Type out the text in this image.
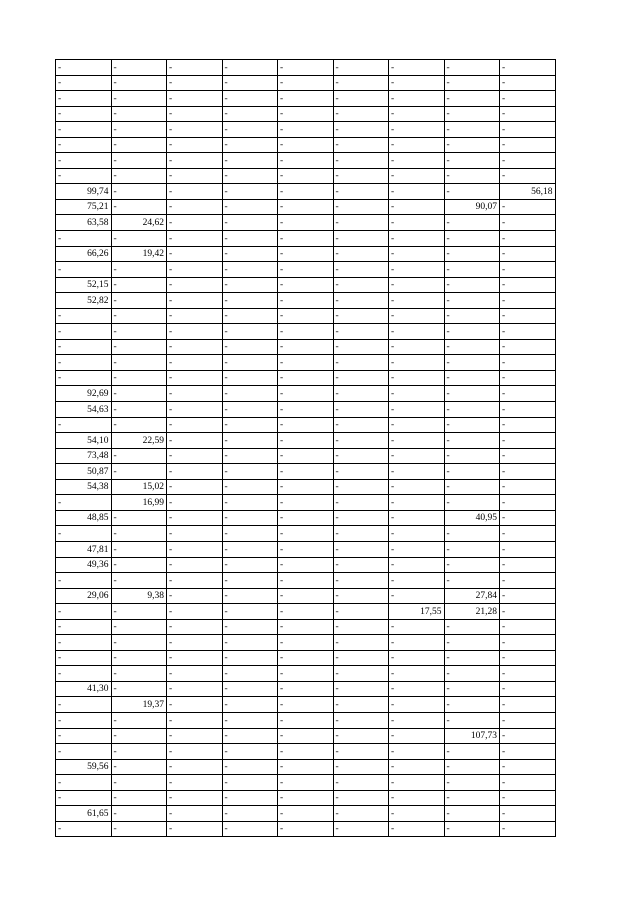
-	-	-	-	-	-	-	-	-
-	-	-	-	-	-	-	-	-
-	-	-	-	-	-	-	-	-
-	-	-	-	-	-	-	-	-
-	-	-	-	-	-	-	-	-
-	-	-	-	-	-	-	-	-
-	-	-	-	-	-	-	-	-
-	-	-	-	-	-	-	-	-
99,74	-	-	-	-	-	-	-	56,18
75,21	-	-	-	-	-	-	90,07	-
63,58	24,62	-	-	-	-	-	-	-
-	-	-	-	-	-	-	-	-
66,26	19,42	-	-	-	-	-	-	-
-	-	-	-	-	-	-	-	-
52,15	-	-	-	-	-	-	-	-
52,82	-	-	-	-	-	-	-	-
-	-	-	-	-	-	-	-	-
-	-	-	-	-	-	-	-	-
-	-	-	-	-	-	-	-	-
-	-	-	-	-	-	-	-	-
-	-	-	-	-	-	-	-	-
92,69	-	-	-	-	-	-	-	-
54,63	-	-	-	-	-	-	-	-
-	-	-	-	-	-	-	-	-
54,10	22,59	-	-	-	-	-	-	-
73,48	-	-	-	-	-	-	-	-
50,87	-	-	-	-	-	-	-	-
54,38	15,02	-	-	-	-	-	-	-
-	16,99	-	-	-	-	-	-	-
48,85	-	-	-	-	-	-	40,95	-
-	-	-	-	-	-	-	-	-
47,81	-	-	-	-	-	-	-	-
49,36	-	-	-	-	-	-	-	-
-	-	-	-	-	-	-	-	-
29,06	9,38	-	-	-	-	-	27,84	-
-	-	-	-	-	-	17,55	21,28	-
-	-	-	-	-	-	-	-	-
-	-	-	-	-	-	-	-	-
-	-	-	-	-	-	-	-	-
-	-	-	-	-	-	-	-	-
41,30	-	-	-	-	-	-	-	-
-	19,37	-	-	-	-	-	-	-
-	-	-	-	-	-	-	-	-
-	-	-	-	-	-	-	107,73	-
-	-	-	-	-	-	-	-	-
59,56	-	-	-	-	-	-	-	-
-	-	-	-	-	-	-	-	-
-	-	-	-	-	-	-	-	-
61,65	-	-	-	-	-	-	-	-
-	-	-	-	-	-	-	-	-
